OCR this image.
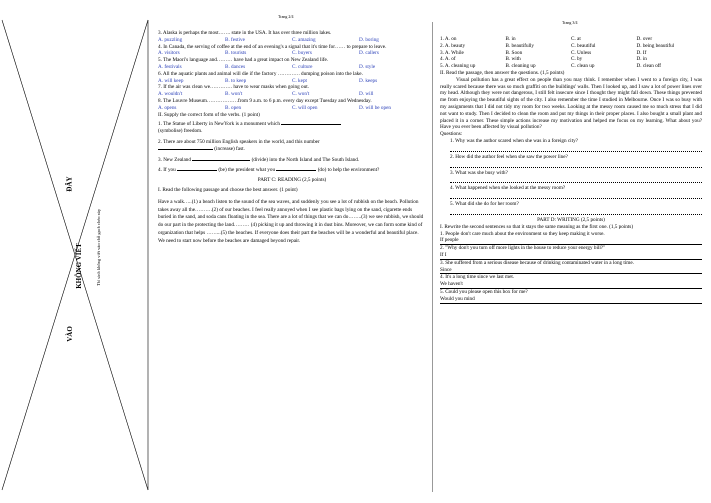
VÀO
KHÔNG VIẾT
ĐÂY
Thí sinh không viết vào chỗ gạch chéo này
Trang 2/4
Trang 3/4

3. Alaska is perhaps the most……. state in the USA. It has over three million lakes.

A. puzzling	B. festive	C. amazing	D. boring

4. In Canada, the serving of coffee at the end of an evening's a signal that it's time for…… to prepare to leave.

A. visitors	B. tourists	C. buyers	D. callers

5. The Maori's language and……… have had a great impact on New Zealand life.

A. festivals	B. dances	C. culture	D. style

6. All the aquatic plants and animal will die if the factory …………. dumping poison into the lake.

A. will keep	B. to keep	C. kept	D. keeps

7. If the air was clean we…………. have to wear masks when going out.

A. wouldn't	B. won't	C. won't	D. will

8. The Louvre Museum………………from 9 a.m. to 6 p.m. every day except Tuesday and Wednesday.

A. opens	B. open	C. will open	D. will be open

II. Supply the correct form of the verbs. (1 point)

1. The Statue of Liberty in NewYork is a monument which

(symbolise) freedom.

2. There are about 750 million English speakers in the world, and this number

(increase) fast.

3. New Zealand	(divide) into the North Island and The South Island.

4. If you	(be) the president what you	(do) to help the environment?

PART C: READING (2,5 points)

I. Read the following passage and choose the best answer. (1 point)

Have a walk…..(1) a beach listen to the sound of the sea waves, and suddenly you see a lot of rubbish on the beach. Pollution takes away all the……….(2) of our beaches. I feel really annoyed when I see plastic bags lying on the sand, cigarette ends buried in the sand, and soda cans floating in the sea. There are a lot of things that we can do……..(3) we see rubbish, we should do our part in the protecting the land……… (4) picking it up and throwing it in dust bins. Moreover, we can form some kind of organization that helps ……...(5) the beaches. If everyone does their part the beaches will be a wonderful and beautiful place. We need to start now before the beaches are damaged beyond repair.

1. A. on	B. in	C. at	D. over
2. A. beauty	B. beautifully	C. beautiful	D. being beautiful
3. A. While	B. Soon	C. Unless	D. If
4. A. of	B. with	C. by	D. in
5. A. cleaning up	B. cleaning up	C. clean up	D. clean off

II. Read the passage, then answer the questions. (1,5 points)

Visual pollution has a great effect on people than you may think. I remember when I went to a foreign city, I was really scared because there was so much graffiti on the buildings' walls. Then I looked up, and I saw a lot of power lines over my head. Although they were not dangerous, I still felt insecure since I thought they might fall down. These things prevented me from enjoying the beautiful sights of the city. I also remember the time I studied in Melbourne. Once I was so busy with my assignments that I did not tidy my room for two weeks. Looking at the messy room caused me so much stress that I did not want to study. Then I decided to clean the room and put my things in their proper places. I also bought a small plant and placed it in a corner. These simple actions increase my motivation and helped me focus on my learning. What about you? Have you ever been affected by visual pollution?

Questions:

1. Why was the author scared when she was in a foreign city?

2. How did the author feel when she saw the power line?

3. What was she busy with?

4. What happened when she looked at the messy room?

5. What did she do for her room?

PART D: WRITING (2,5 points)

I. Rewrite the second sentences so that it stays the same meaning as the first one. (1,5 points)

1. People don't care much about the environment so they keep making it worse.

If people

2. "Why don't you turn off more lights in the house to reduce your energy bill?"

If I

3. She suffered from a serious disease because of drinking contaminated water in a long time.

Since

4. It's a long time since we last met.

We haven't

5. Could you please open this box for me?

Would you mind
